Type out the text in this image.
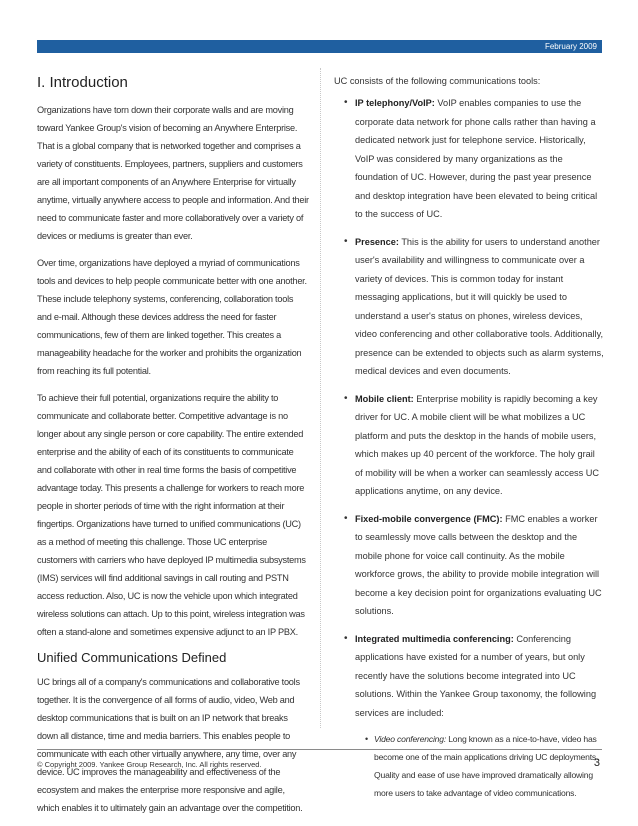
February 2009
I. Introduction

Organizations have torn down their corporate walls and are moving toward Yankee Group's vision of becoming an Anywhere Enterprise. That is a global company that is networked together and comprises a variety of constituents. Employees, partners, suppliers and customers are all important components of an Anywhere Enterprise for virtually anytime, virtually anywhere access to people and information. And their need to communicate faster and more collaboratively over a variety of devices or mediums is greater than ever.

Over time, organizations have deployed a myriad of communications tools and devices to help people communicate better with one another. These include telephony systems, conferencing, collaboration tools and e-mail. Although these devices address the need for faster communications, few of them are linked together. This creates a manageability headache for the worker and prohibits the organization from reaching its full potential.

To achieve their full potential, organizations require the ability to communicate and collaborate better. Competitive advantage is no longer about any single person or core capability. The entire extended enterprise and the ability of each of its constituents to communicate and collaborate with other in real time forms the basis of competitive advantage today. This presents a challenge for workers to reach more people in shorter periods of time with the right information at their fingertips. Organizations have turned to unified communications (UC) as a method of meeting this challenge. Those UC enterprise customers with carriers who have deployed IP multimedia subsystems (IMS) services will find additional savings in call routing and PSTN access reduction. Also, UC is now the vehicle upon which integrated wireless solutions can attach. Up to this point, wireless integration was often a stand-alone and sometimes expensive adjunct to an IP PBX.

Unified Communications Defined

UC brings all of a company's communications and collaborative tools together. It is the convergence of all forms of audio, video, Web and desktop communications that is built on an IP network that breaks down all distance, time and media barriers. This enables people to communicate with each other virtually anywhere, any time, over any device. UC improves the manageability and effectiveness of the ecosystem and makes the enterprise more responsive and agile, which enables it to ultimately gain an advantage over the competition.

UC consists of the following communications tools:

• IP telephony/VoIP: VoIP enables companies to use the corporate data network for phone calls rather than having a dedicated network just for telephone service. Historically, VoIP was considered by many organizations as the foundation of UC. However, during the past year presence and desktop integration have been elevated to being critical to the success of UC.
• Presence: This is the ability for users to understand another user's availability and willingness to communicate over a variety of devices. This is common today for instant messaging applications, but it will quickly be used to understand a user's status on phones, wireless devices, video conferencing and other collaborative tools. Additionally, presence can be extended to objects such as alarm systems, medical devices and even documents.
• Mobile client: Enterprise mobility is rapidly becoming a key driver for UC. A mobile client will be what mobilizes a UC platform and puts the desktop in the hands of mobile users, which makes up 40 percent of the workforce. The holy grail of mobility will be when a worker can seamlessly access UC applications anytime, on any device.
• Fixed-mobile convergence (FMC): FMC enables a worker to seamlessly move calls between the desktop and the mobile phone for voice call continuity. As the mobile workforce grows, the ability to provide mobile integration will become a key decision point for organizations evaluating UC solutions.
• Integrated multimedia conferencing: Conferencing applications have existed for a number of years, but only recently have the solutions become integrated into UC solutions. Within the Yankee Group taxonomy, the following services are included:
• Video conferencing: Long known as a nice-to-have, video has become one of the main applications driving UC deployments. Quality and ease of use have improved dramatically allowing more users to take advantage of video communications.
© Copyright 2009. Yankee Group Research, Inc. All rights reserved.	3
